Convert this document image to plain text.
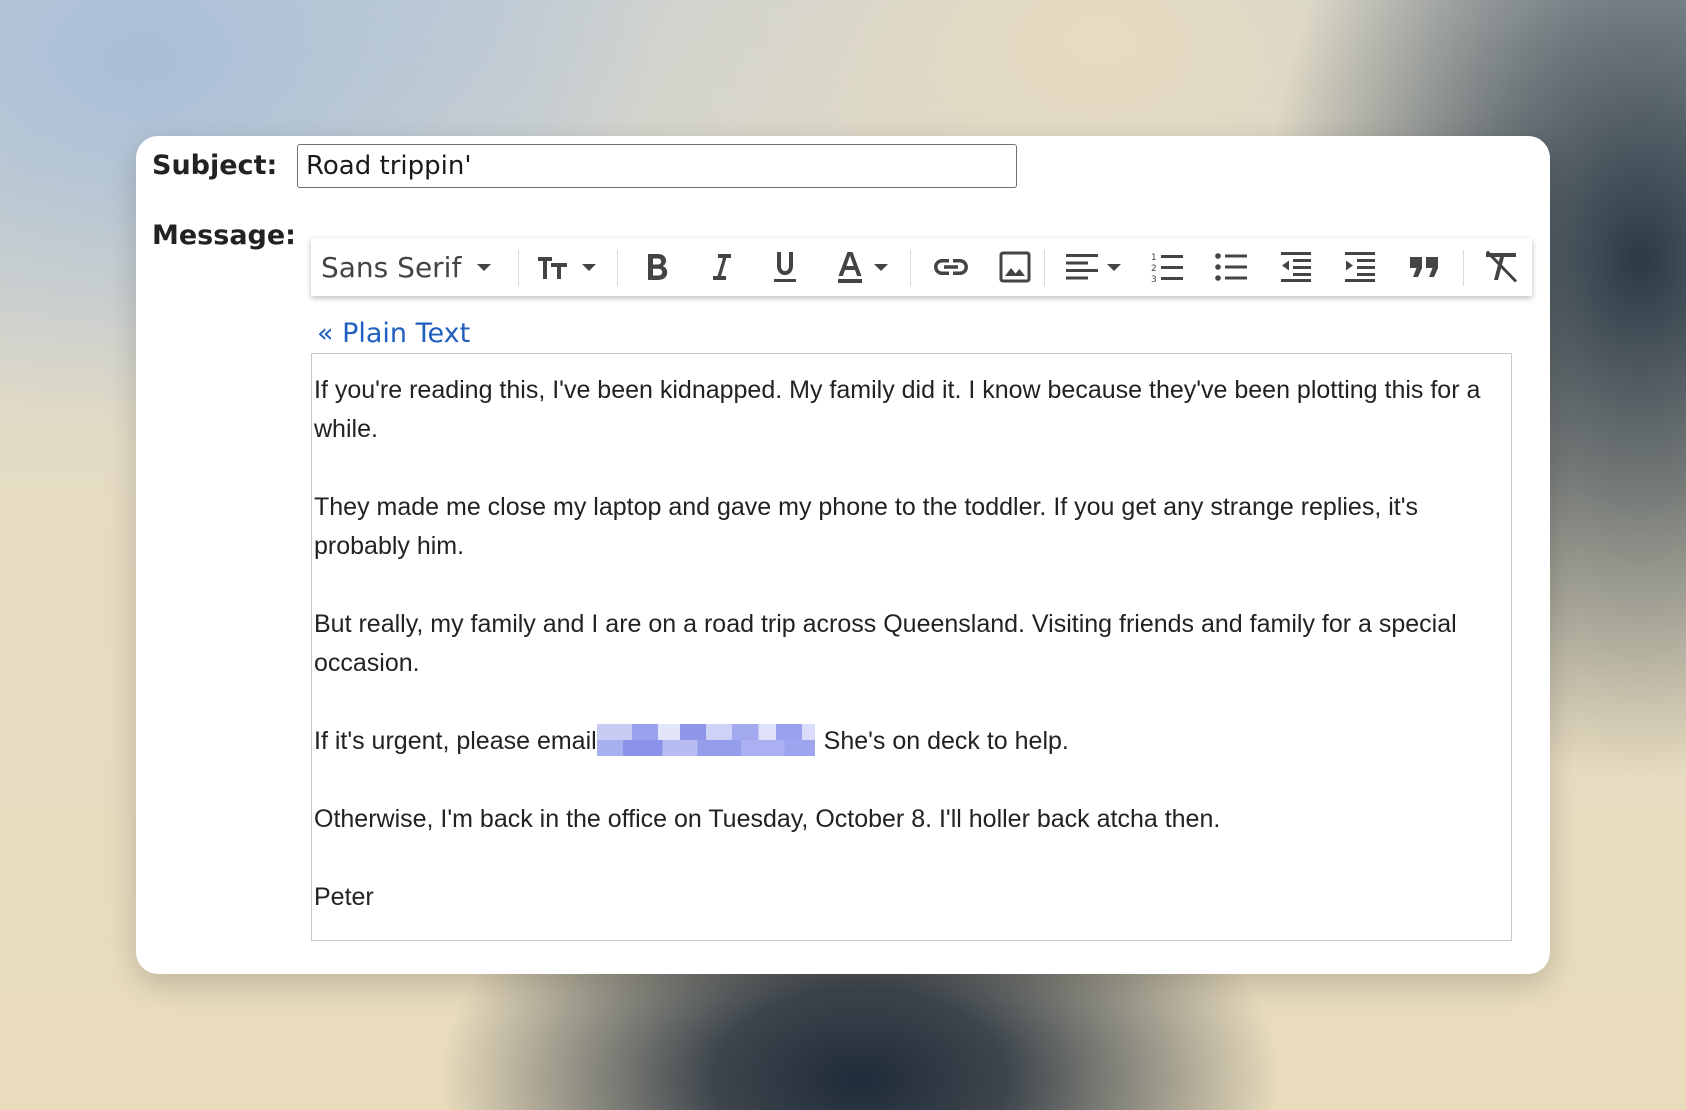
Subject:
Road trippin'
Message:
Sans Serif	1
2
3
« Plain Text

If you're reading this, I've been kidnapped. My family did it. I know because they've been plotting this for a while.

They made me close my laptop and gave my phone to the toddler. If you get any strange replies, it's probably him.

But really, my family and I are on a road trip across Queensland. Visiting friends and family for a special occasion.

If it's urgent, please email	She's on deck to help.

Otherwise, I'm back in the office on Tuesday, October 8. I'll holler back atcha then.

Peter
